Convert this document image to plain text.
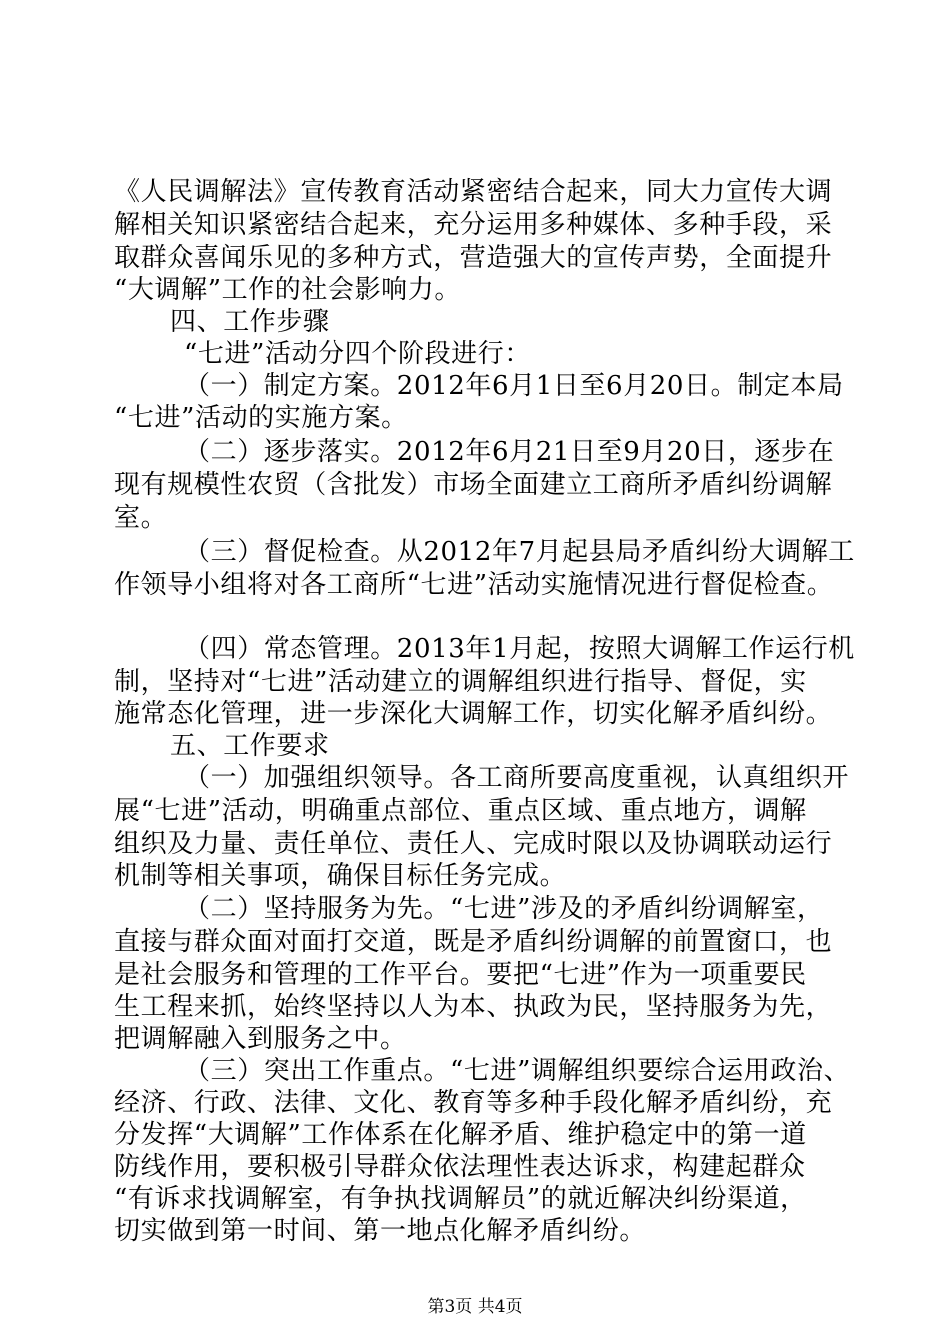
《人民调解法》宣传教育活动紧密结合起来，同大力宣传大调
解相关知识紧密结合起来，充分运用多种媒体、多种手段，采
取群众喜闻乐见的多种方式，营造强大的宣传声势，全面提升
“大调解”工作的社会影响力。
四、工作步骤
“七进”活动分四个阶段进行：
（一）制定方案。2012年6月1日至6月20日。制定本局
“七进”活动的实施方案。
（二）逐步落实。2012年6月21日至9月20日，逐步在
现有规模性农贸（含批发）市场全面建立工商所矛盾纠纷调解
室。
（三）督促检查。从2012年7月起县局矛盾纠纷大调解工
作领导小组将对各工商所“七进”活动实施情况进行督促检查。
（四）常态管理。2013年1月起，按照大调解工作运行机
制，坚持对“七进”活动建立的调解组织进行指导、督促，实
施常态化管理，进一步深化大调解工作，切实化解矛盾纠纷。
五、工作要求
（一）加强组织领导。各工商所要高度重视，认真组织开
展“七进”活动，明确重点部位、重点区域、重点地方，调解
组织及力量、责任单位、责任人、完成时限以及协调联动运行
机制等相关事项，确保目标任务完成。
（二）坚持服务为先。“七进”涉及的矛盾纠纷调解室，
直接与群众面对面打交道，既是矛盾纠纷调解的前置窗口，也
是社会服务和管理的工作平台。要把“七进”作为一项重要民
生工程来抓，始终坚持以人为本、执政为民，坚持服务为先，
把调解融入到服务之中。
（三）突出工作重点。“七进”调解组织要综合运用政治、
经济、行政、法律、文化、教育等多种手段化解矛盾纠纷，充
分发挥“大调解”工作体系在化解矛盾、维护稳定中的第一道
防线作用，要积极引导群众依法理性表达诉求，构建起群众
“有诉求找调解室，有争执找调解员”的就近解决纠纷渠道，
切实做到第一时间、第一地点化解矛盾纠纷。
第3页 共4页
